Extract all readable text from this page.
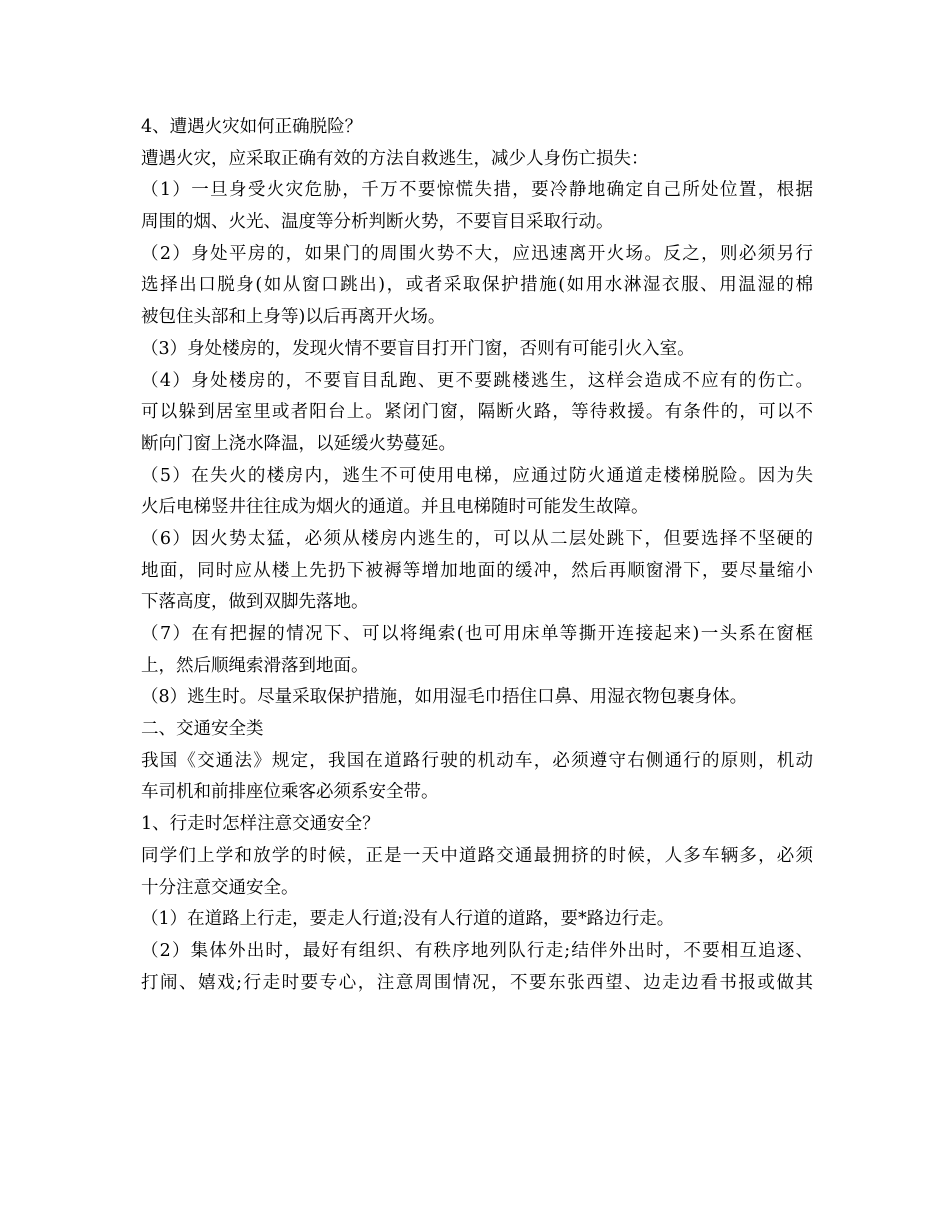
4、遭遇火灾如何正确脱险？
遭遇火灾，应采取正确有效的方法自救逃生，减少人身伤亡损失：
（1）一旦身受火灾危胁，千万不要惊慌失措，要冷静地确定自己所处位置，根据
周围的烟、火光、温度等分析判断火势，不要盲目采取行动。
（2）身处平房的，如果门的周围火势不大，应迅速离开火场。反之，则必须另行
选择出口脱身(如从窗口跳出)，或者采取保护措施(如用水淋湿衣服、用温湿的棉
被包住头部和上身等)以后再离开火场。
（3）身处楼房的，发现火情不要盲目打开门窗，否则有可能引火入室。
（4）身处楼房的，不要盲目乱跑、更不要跳楼逃生，这样会造成不应有的伤亡。
可以躲到居室里或者阳台上。紧闭门窗，隔断火路，等待救援。有条件的，可以不
断向门窗上浇水降温，以延缓火势蔓延。
（5）在失火的楼房内，逃生不可使用电梯，应通过防火通道走楼梯脱险。因为失
火后电梯竖井往往成为烟火的通道。并且电梯随时可能发生故障。
（6）因火势太猛，必须从楼房内逃生的，可以从二层处跳下，但要选择不坚硬的
地面，同时应从楼上先扔下被褥等增加地面的缓冲，然后再顺窗滑下，要尽量缩小
下落高度，做到双脚先落地。
（7）在有把握的情况下、可以将绳索(也可用床单等撕开连接起来)一头系在窗框
上，然后顺绳索滑落到地面。
（8）逃生时。尽量采取保护措施，如用湿毛巾捂住口鼻、用湿衣物包裹身体。
二、交通安全类
我国《交通法》规定，我国在道路行驶的机动车，必须遵守右侧通行的原则，机动
车司机和前排座位乘客必须系安全带。
1、行走时怎样注意交通安全？
同学们上学和放学的时候，正是一天中道路交通最拥挤的时候，人多车辆多，必须
十分注意交通安全。
（1）在道路上行走，要走人行道;没有人行道的道路，要*路边行走。
（2）集体外出时，最好有组织、有秩序地列队行走;结伴外出时，不要相互追逐、
打闹、嬉戏;行走时要专心，注意周围情况，不要东张西望、边走边看书报或做其
